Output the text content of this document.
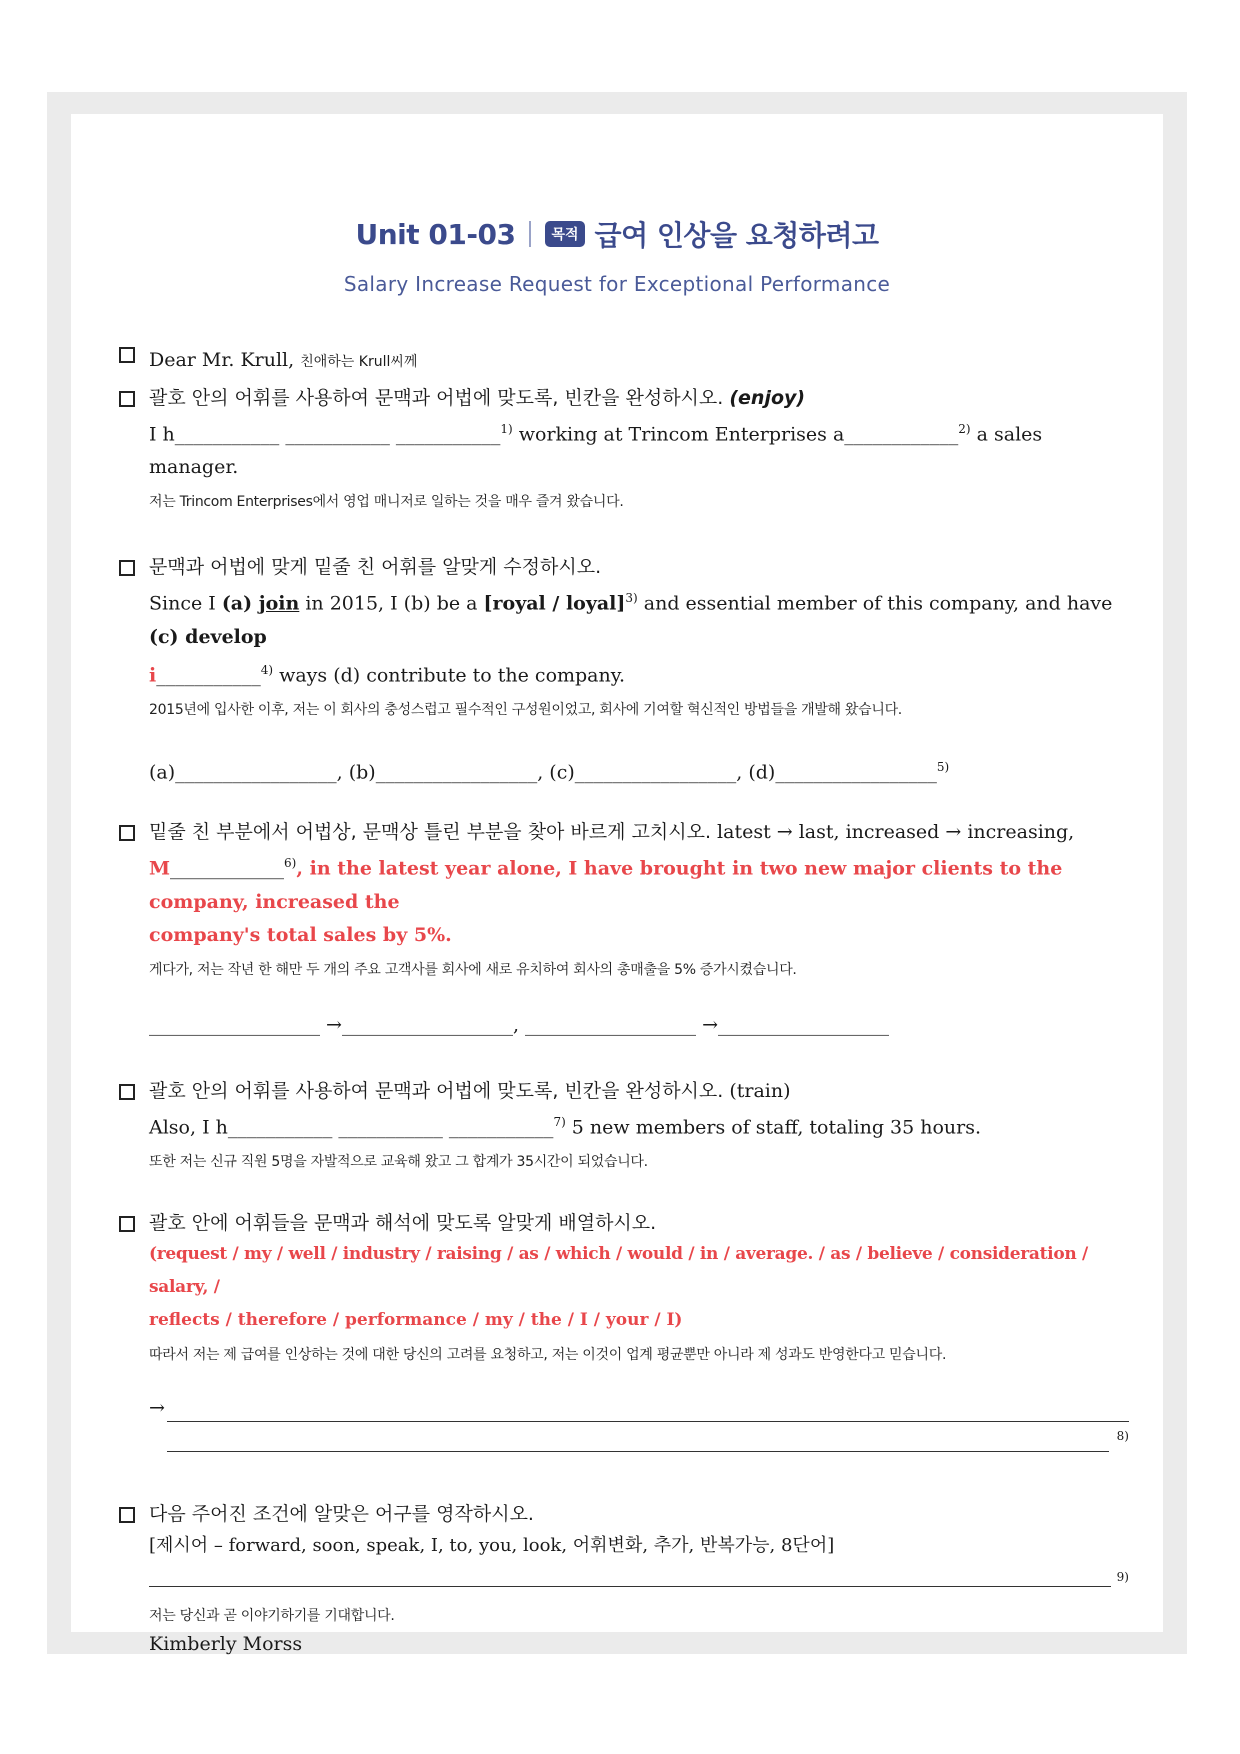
Unit 01-03	목적 급여 인상을 요청하려고
Salary Increase Request for Exceptional Performance
Dear Mr. Krull, 친애하는 Krull씨께
괄호 안의 어휘를 사용하여 문맥과 어법에 맞도록, 빈칸을 완성하시오. (enjoy)
I h___________ ___________ ___________$^{1)}$ working at Trincom Enterprises a____________$^{2)}$ a sales
manager.
저는 Trincom Enterprises에서 영업 매니저로 일하는 것을 매우 즐겨 왔습니다.
문맥과 어법에 맞게 밑줄 친 어휘를 알맞게 수정하시오.
Since I (a) join in 2015, I (b) be a [royal / loyal]$^{3)}$ and essential member of this company, and have (c) develop
i___________$^{4)}$ ways (d) contribute to the company.
2015년에 입사한 이후, 저는 이 회사의 충성스럽고 필수적인 구성원이었고, 회사에 기여할 혁신적인 방법들을 개발해 왔습니다.
(a)_________________, (b)_________________, (c)_________________, (d)_________________$^{5)}$
밑줄 친 부분에서 어법상, 문맥상 틀린 부분을 찾아 바르게 고치시오. latest → last, increased → increasing,
M____________$^{6)}$, in the latest year alone, I have brought in two new major clients to the company, increased the
company's total sales by 5%.
게다가, 저는 작년 한 해만 두 개의 주요 고객사를 회사에 새로 유치하여 회사의 총매출을 5% 증가시켰습니다.
__________________ →__________________, __________________ →__________________
괄호 안의 어휘를 사용하여 문맥과 어법에 맞도록, 빈칸을 완성하시오. (train)
Also, I h___________ ___________ ___________$^{7)}$ 5 new members of staff, totaling 35 hours.
또한 저는 신규 직원 5명을 자발적으로 교육해 왔고 그 합계가 35시간이 되었습니다.
괄호 안에 어휘들을 문맥과 해석에 맞도록 알맞게 배열하시오.
(request / my / well / industry / raising / as / which / would / in / average. / as / believe / consideration / salary, /
reflects / therefore / performance / my / the / I / your / I)
따라서 저는 제 급여를 인상하는 것에 대한 당신의 고려를 요청하고, 저는 이것이 업계 평균뿐만 아니라 제 성과도 반영한다고 믿습니다.
→
8)
다음 주어진 조건에 알맞은 어구를 영작하시오.
[제시어 – forward, soon, speak, I, to, you, look, 어휘변화, 추가, 반복가능, 8단어]
9)
저는 당신과 곧 이야기하기를 기대합니다.
Kimberly Morss
